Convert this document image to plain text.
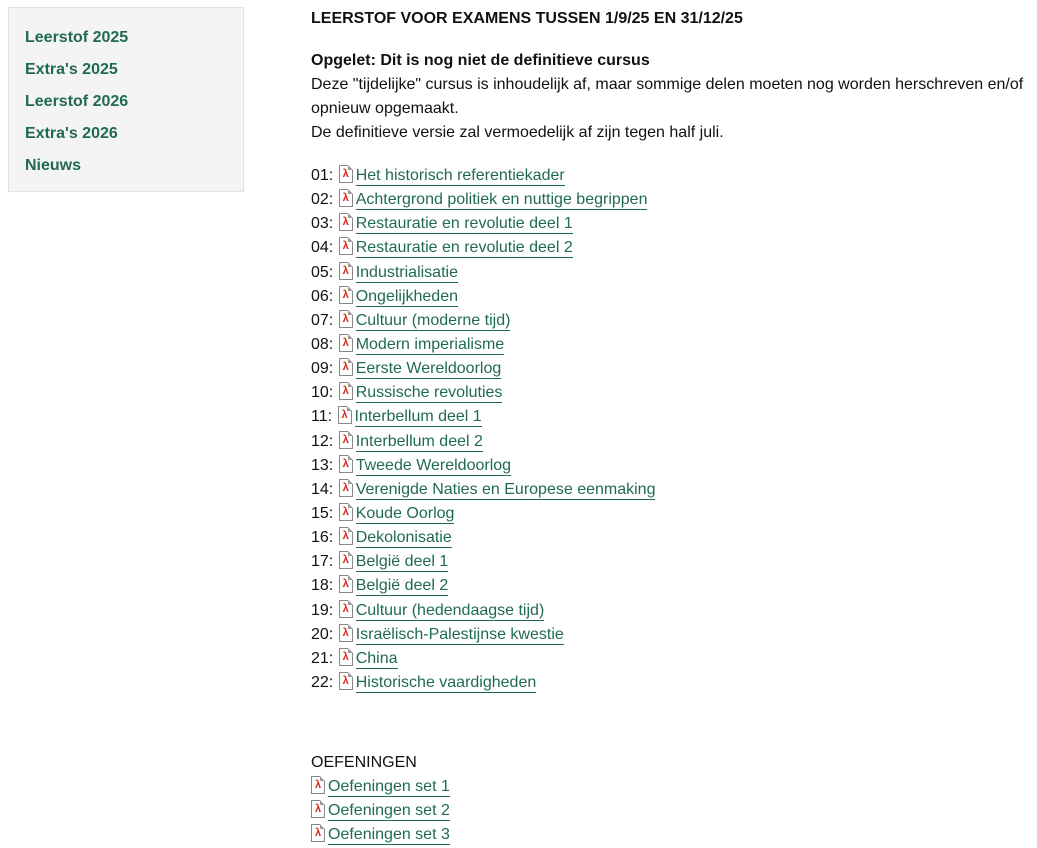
Leerstof 2025
Extra's 2025
Leerstof 2026
Extra's 2026
Nieuws
LEERSTOF VOOR EXAMENS TUSSEN 1/9/25 EN 31/12/25
Opgelet: Dit is nog niet de definitieve cursus
Deze "tijdelijke" cursus is inhoudelijk af, maar sommige delen moeten nog worden herschreven en/of opnieuw opgemaakt.
De definitieve versie zal vermoedelijk af zijn tegen half juli.
01: λ Het historisch referentiekader
02: λ Achtergrond politiek en nuttige begrippen
03: λ Restauratie en revolutie deel 1
04: λ Restauratie en revolutie deel 2
05: λ Industrialisatie
06: λ Ongelijkheden
07: λ Cultuur (moderne tijd)
08: λ Modern imperialisme
09: λ Eerste Wereldoorlog
10: λ Russische revoluties
11: λ Interbellum deel 1
12: λ Interbellum deel 2
13: λ Tweede Wereldoorlog
14: λ Verenigde Naties en Europese eenmaking
15: λ Koude Oorlog
16: λ Dekolonisatie
17: λ België deel 1
18: λ België deel 2
19: λ Cultuur (hedendaagse tijd)
20: λ Israëlisch-Palestijnse kwestie
21: λ China
22: λ Historische vaardigheden
OEFENINGEN
λ Oefeningen set 1
λ Oefeningen set 2
λ Oefeningen set 3
